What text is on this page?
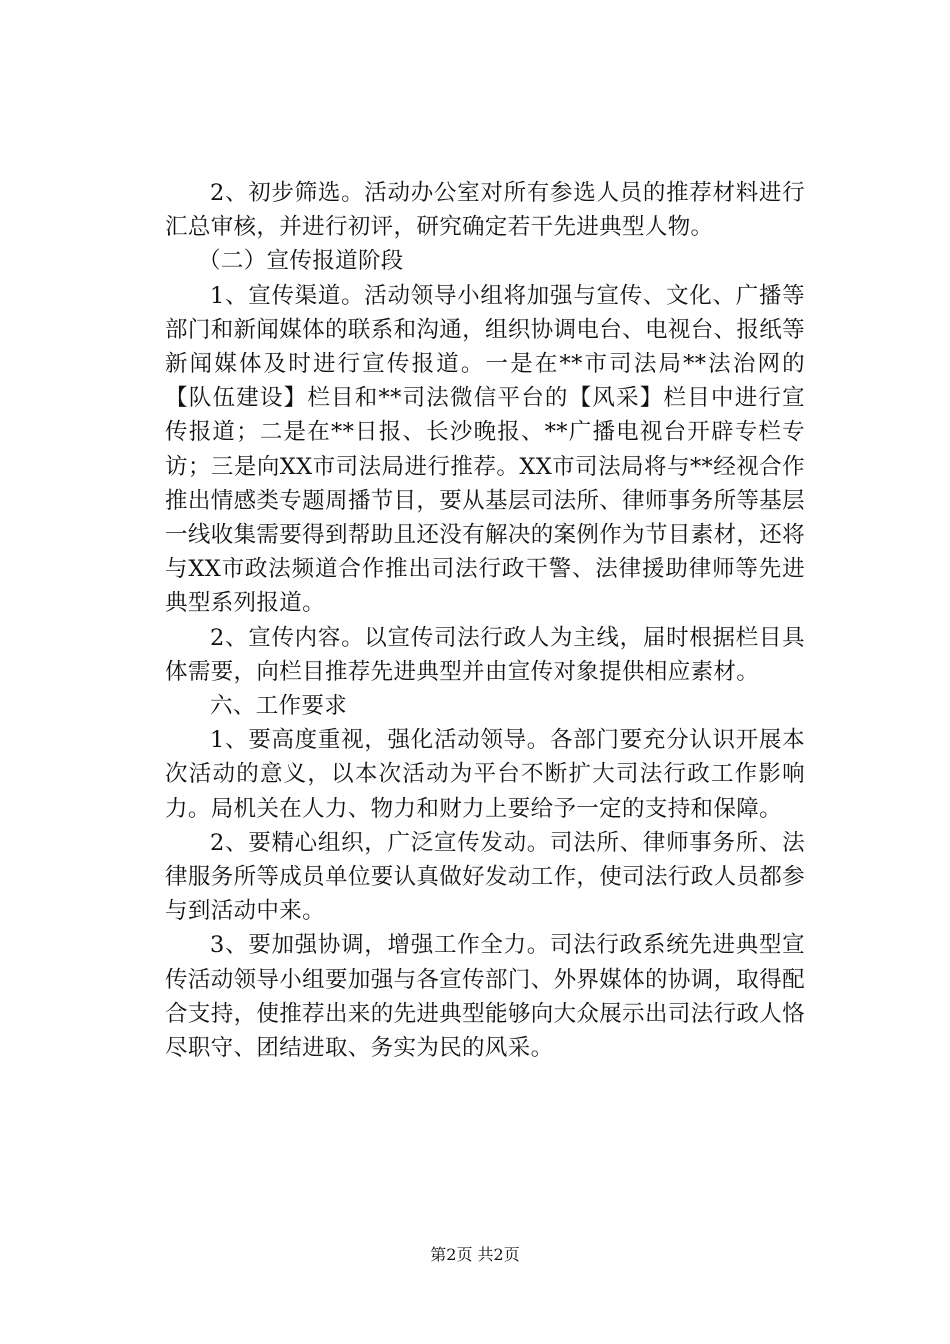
2、初步筛选。活动办公室对所有参选人员的推荐材料进行汇总审核，并进行初评，研究确定若干先进典型人物。

（二）宣传报道阶段

1、宣传渠道。活动领导小组将加强与宣传、文化、广播等部门和新闻媒体的联系和沟通，组织协调电台、电视台、报纸等新闻媒体及时进行宣传报道。一是在**市司法局**法治网的【队伍建设】栏目和**司法微信平台的【风采】栏目中进行宣传报道；二是在**日报、长沙晚报、**广播电视台开辟专栏专访；三是向XX市司法局进行推荐。XX市司法局将与**经视合作推出情感类专题周播节目，要从基层司法所、律师事务所等基层一线收集需要得到帮助且还没有解决的案例作为节目素材，还将与XX市政法频道合作推出司法行政干警、法律援助律师等先进典型系列报道。

2、宣传内容。以宣传司法行政人为主线，届时根据栏目具体需要，向栏目推荐先进典型并由宣传对象提供相应素材。

六、工作要求

1、要高度重视，强化活动领导。各部门要充分认识开展本次活动的意义，以本次活动为平台不断扩大司法行政工作影响力。局机关在人力、物力和财力上要给予一定的支持和保障。

2、要精心组织，广泛宣传发动。司法所、律师事务所、法律服务所等成员单位要认真做好发动工作，使司法行政人员都参与到活动中来。

3、要加强协调，增强工作全力。司法行政系统先进典型宣传活动领导小组要加强与各宣传部门、外界媒体的协调，取得配合支持，使推荐出来的先进典型能够向大众展示出司法行政人恪尽职守、团结进取、务实为民的风采。

第2页 共2页
